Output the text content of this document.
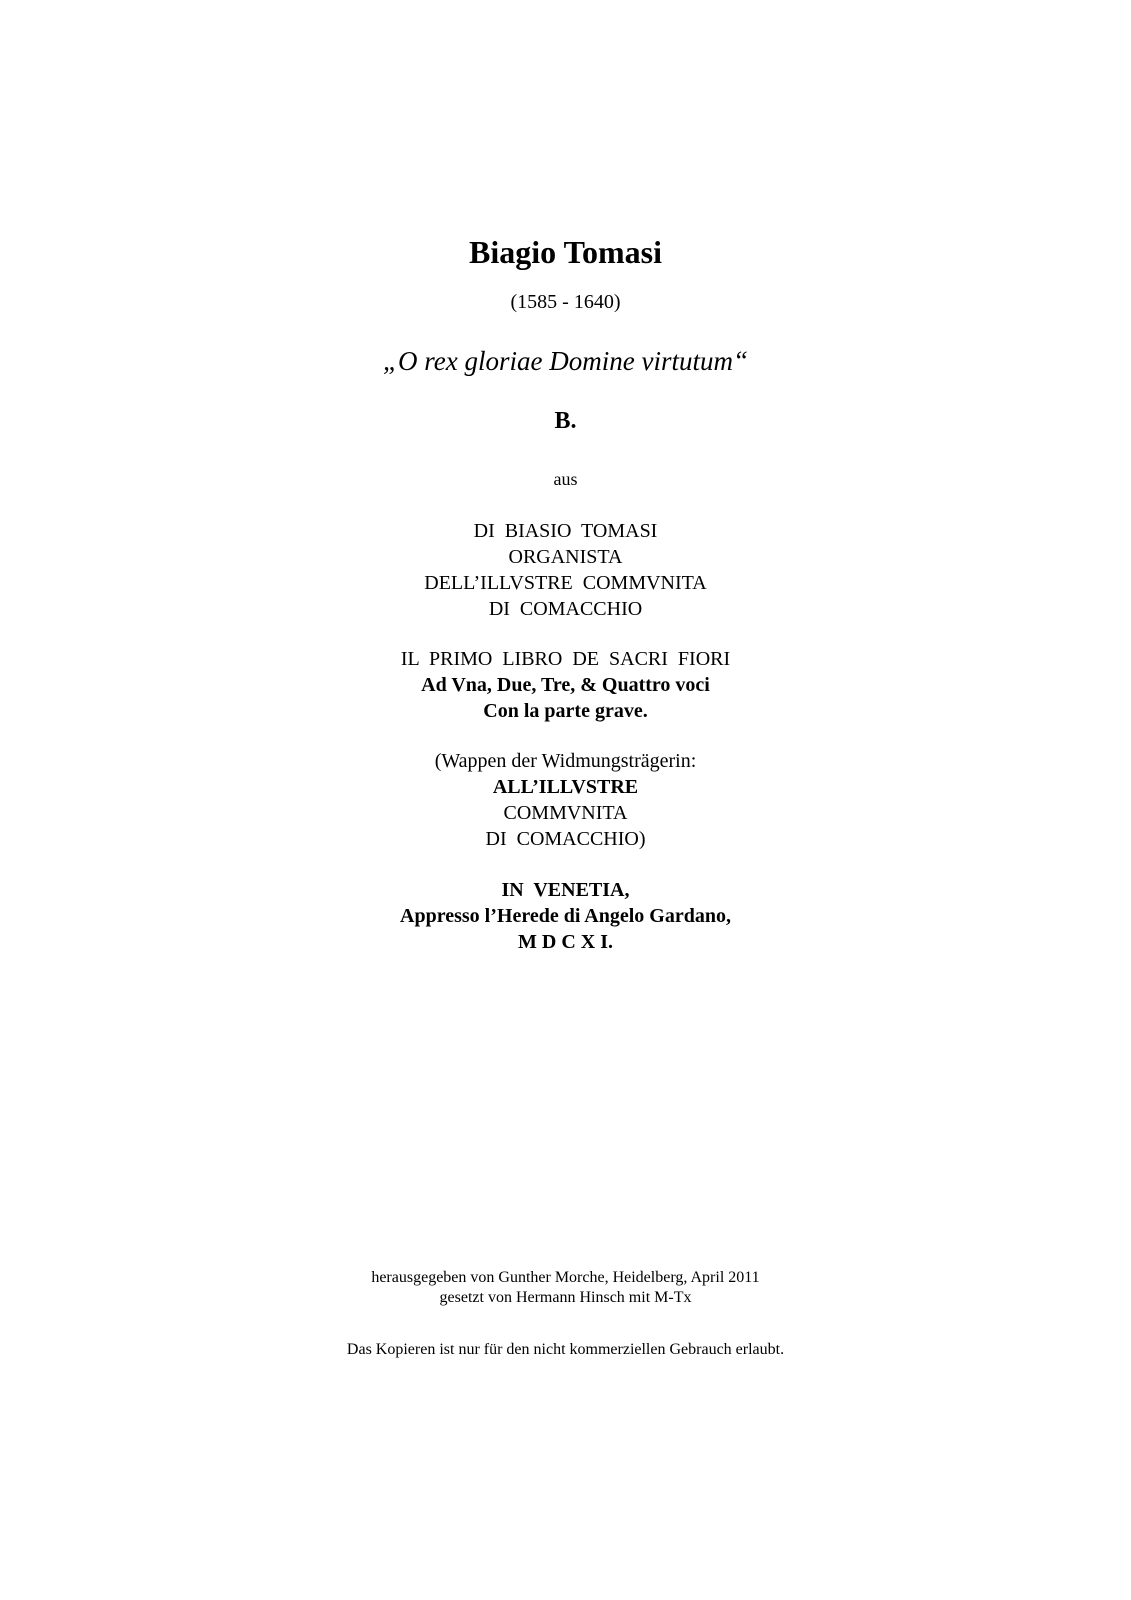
Biagio Tomasi
(1585 - 1640)
„O rex gloriae Domine virtutum“
B.
aus
DI  BIASIO  TOMASI
ORGANISTA
DELL’ILLVSTRE  COMMVNITA
DI  COMACCHIO
IL  PRIMO  LIBRO  DE  SACRI  FIORI
Ad Vna, Due, Tre, & Quattro voci
Con la parte grave.
(Wappen der Widmungsträgerin:
ALL’ILLVSTRE
COMMVNITA
DI  COMACCHIO)
IN  VENETIA,
Appresso l’Herede di Angelo Gardano,
M D C X I.
herausgegeben von Gunther Morche, Heidelberg, April 2011
gesetzt von Hermann Hinsch mit M-Tx
Das Kopieren ist nur für den nicht kommerziellen Gebrauch erlaubt.
